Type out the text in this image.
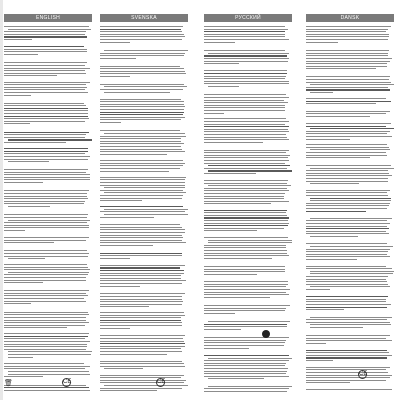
ENGLISH	SVENSKA	РУССКИЙ	DANSK
CE
🗑	CE
CE
